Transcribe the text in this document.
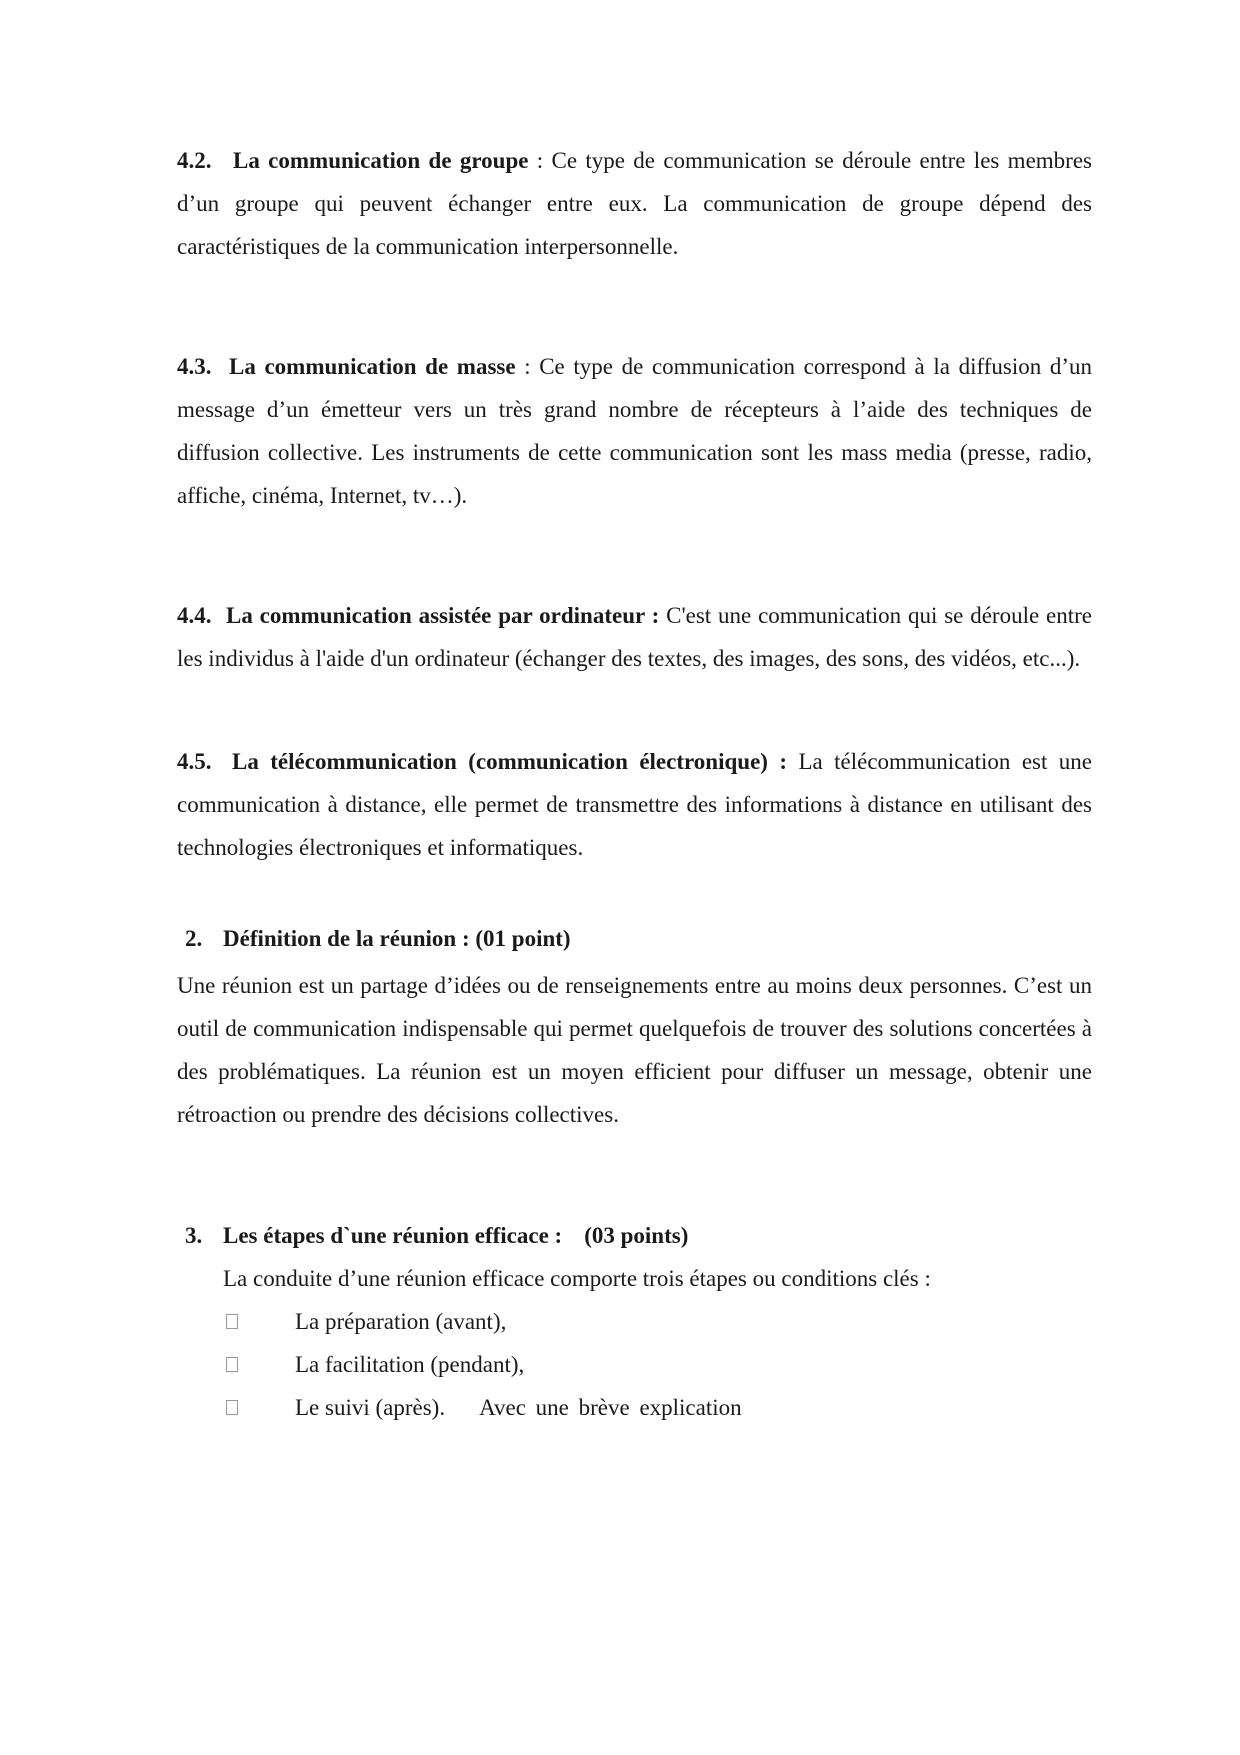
4.2. La communication de groupe : Ce type de communication se déroule entre les membres d’un groupe qui peuvent échanger entre eux. La communication de groupe dépend des caractéristiques de la communication interpersonnelle.

4.3. La communication de masse : Ce type de communication correspond à la diffusion d’un message d’un émetteur vers un très grand nombre de récepteurs à l’aide des techniques de diffusion collective. Les instruments de cette communication sont les mass media (presse, radio, affiche, cinéma, Internet, tv…).

4.4. La communication assistée par ordinateur : C'est une communication qui se déroule entre les individus à l'aide d'un ordinateur (échanger des textes, des images, des sons, des vidéos, etc...).

4.5. La télécommunication (communication électronique) : La télécommunication est une communication à distance, elle permet de transmettre des informations à distance en utilisant des technologies électroniques et informatiques.

2. Définition de la réunion : (01 point)

Une réunion est un partage d’idées ou de renseignements entre au moins deux personnes. C’est un outil de communication indispensable qui permet quelquefois de trouver des solutions concertées à des problématiques. La réunion est un moyen efficient pour diffuser un message, obtenir une rétroaction ou prendre des décisions collectives.

3. Les étapes d`une réunion efficace : (03 points)

La conduite d’une réunion efficace comporte trois étapes ou conditions clés :

La préparation (avant),
La facilitation (pendant),
Le suivi (après). Avec une brève explication
